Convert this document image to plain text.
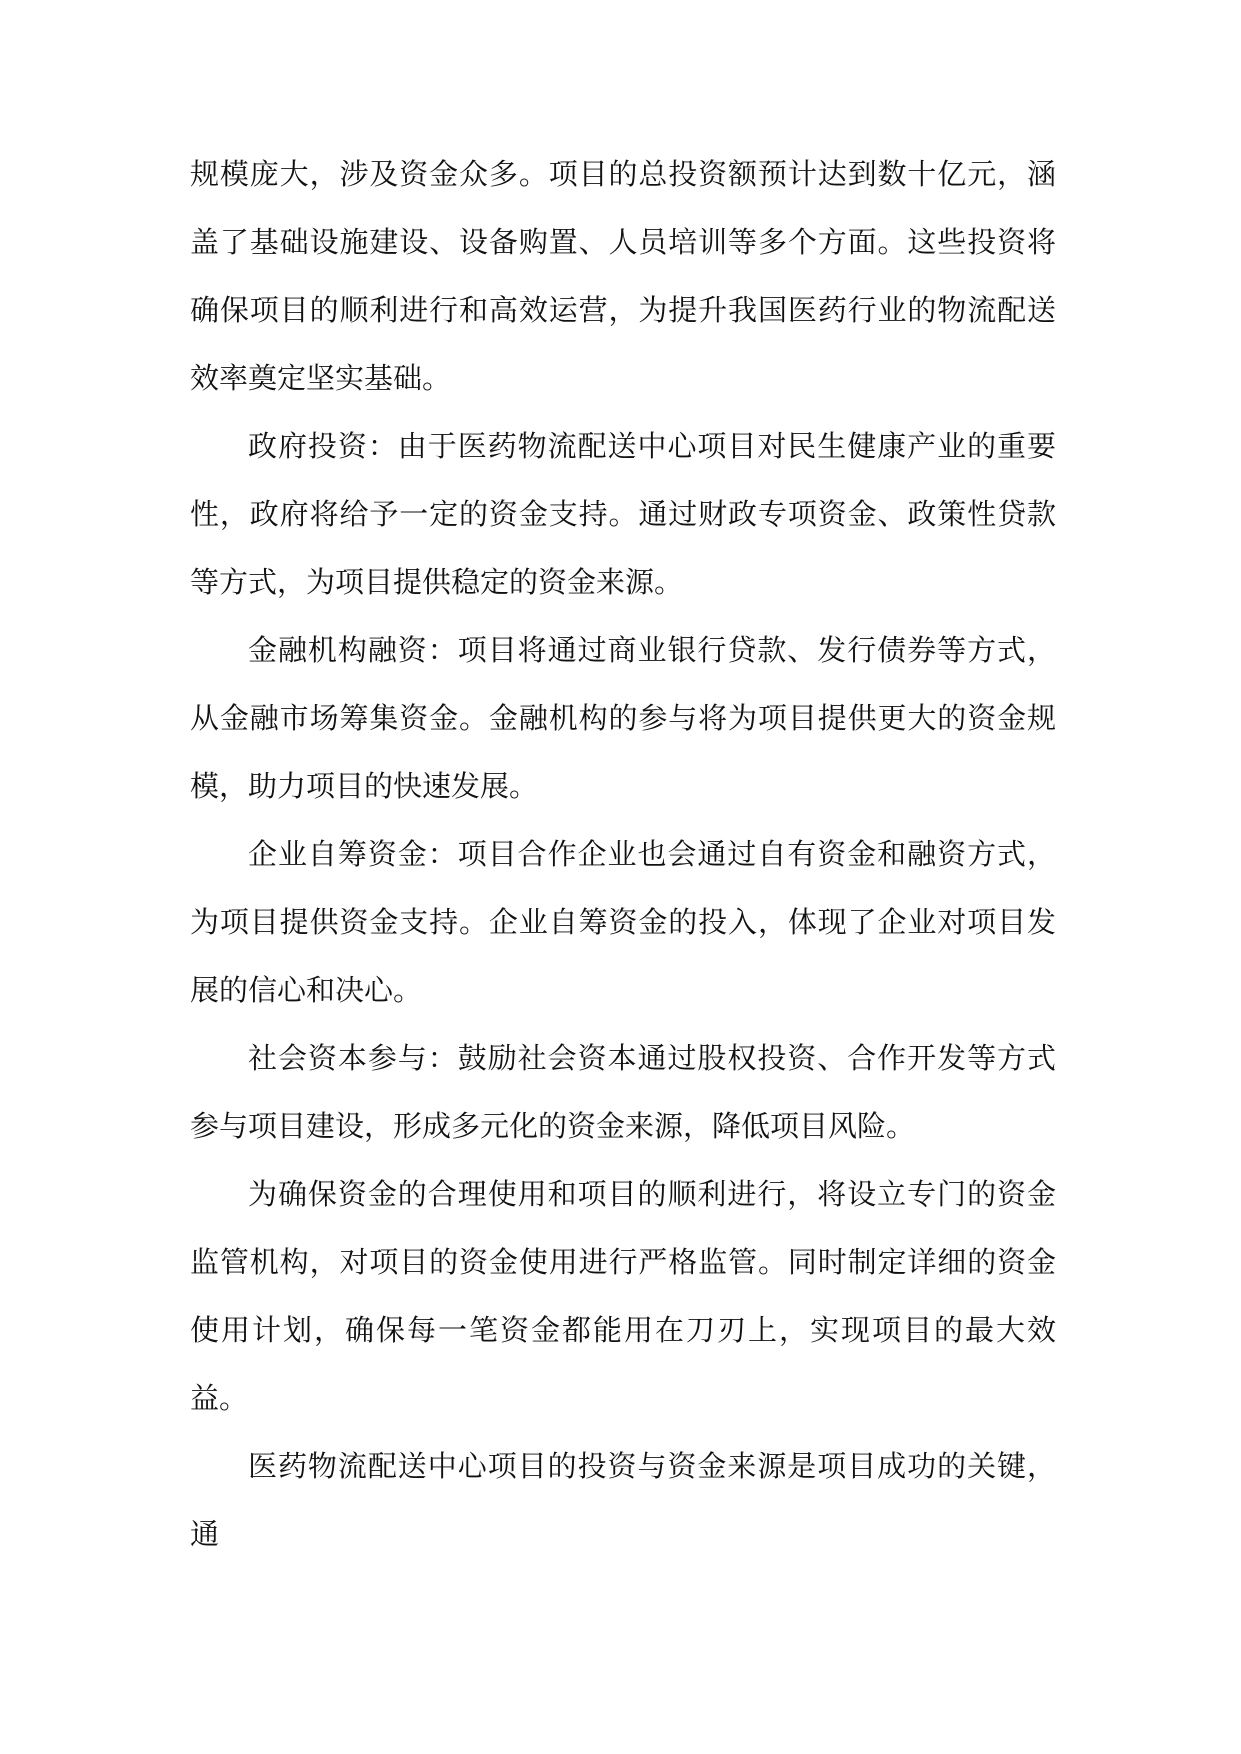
规模庞大，涉及资金众多。项目的总投资额预计达到数十亿元，涵盖了基础设施建设、设备购置、人员培训等多个方面。这些投资将确保项目的顺利进行和高效运营，为提升我国医药行业的物流配送效率奠定坚实基础。

政府投资：由于医药物流配送中心项目对民生健康产业的重要性，政府将给予一定的资金支持。通过财政专项资金、政策性贷款等方式，为项目提供稳定的资金来源。

金融机构融资：项目将通过商业银行贷款、发行债券等方式，从金融市场筹集资金。金融机构的参与将为项目提供更大的资金规模，助力项目的快速发展。

企业自筹资金：项目合作企业也会通过自有资金和融资方式，为项目提供资金支持。企业自筹资金的投入，体现了企业对项目发展的信心和决心。

社会资本参与：鼓励社会资本通过股权投资、合作开发等方式参与项目建设，形成多元化的资金来源，降低项目风险。

为确保资金的合理使用和项目的顺利进行，将设立专门的资金监管机构，对项目的资金使用进行严格监管。同时制定详细的资金使用计划，确保每一笔资金都能用在刀刃上，实现项目的最大效益。

医药物流配送中心项目的投资与资金来源是项目成功的关键，通
